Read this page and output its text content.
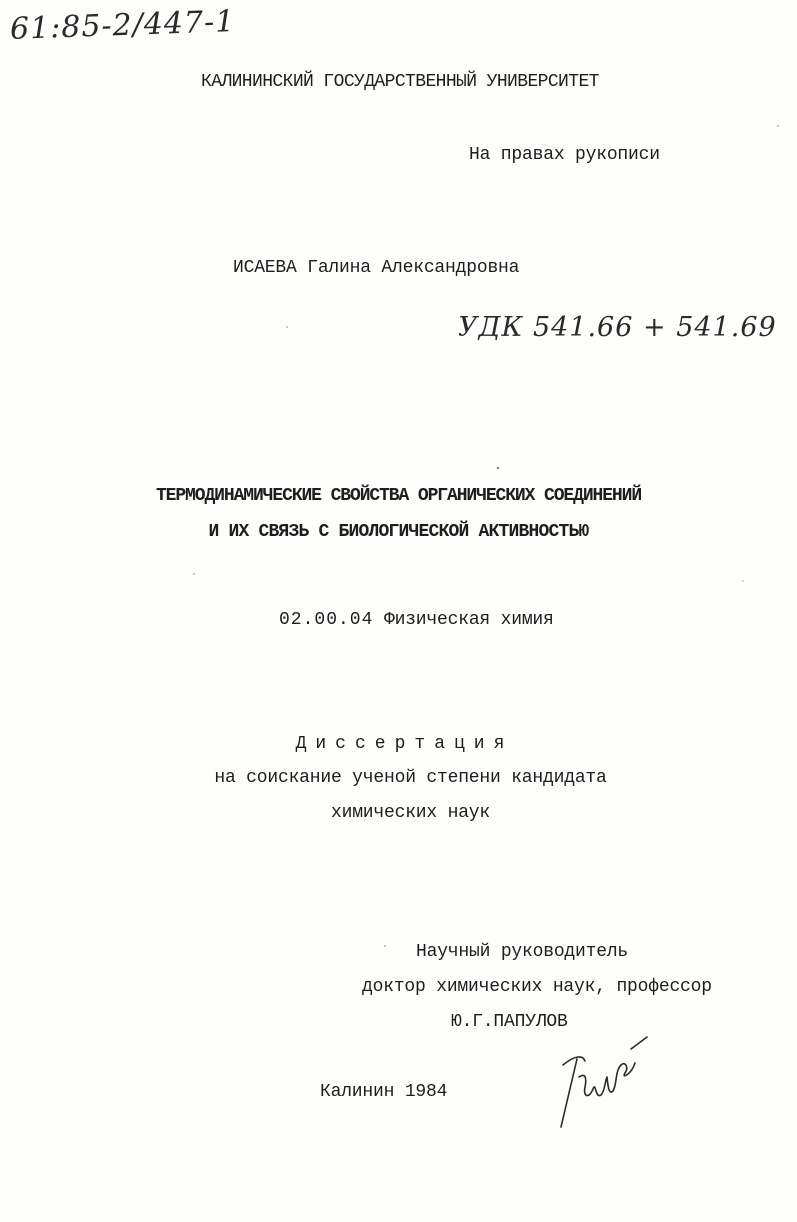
61:85-2/447-1
КАЛИНИНСКИЙ ГОСУДАРСТВЕННЫЙ УНИВЕРСИТЕТ
На правах рукописи
ИСАЕВА Галина Александровна
УДК 541.66 + 541.69
ТЕРМОДИНАМИЧЕСКИЕ СВОЙСТВА ОРГАНИЧЕСКИХ СОЕДИНЕНИЙ
И ИХ СВЯЗЬ С БИОЛОГИЧЕСКОЙ АКТИВНОСТЬЮ
02.00.04 Физическая химия
Диссертация
на соискание ученой степени кандидата
химических наук
Научный руководитель
доктор химических наук, профессор
Ю.Г.ПАПУЛОВ
Калинин 1984
